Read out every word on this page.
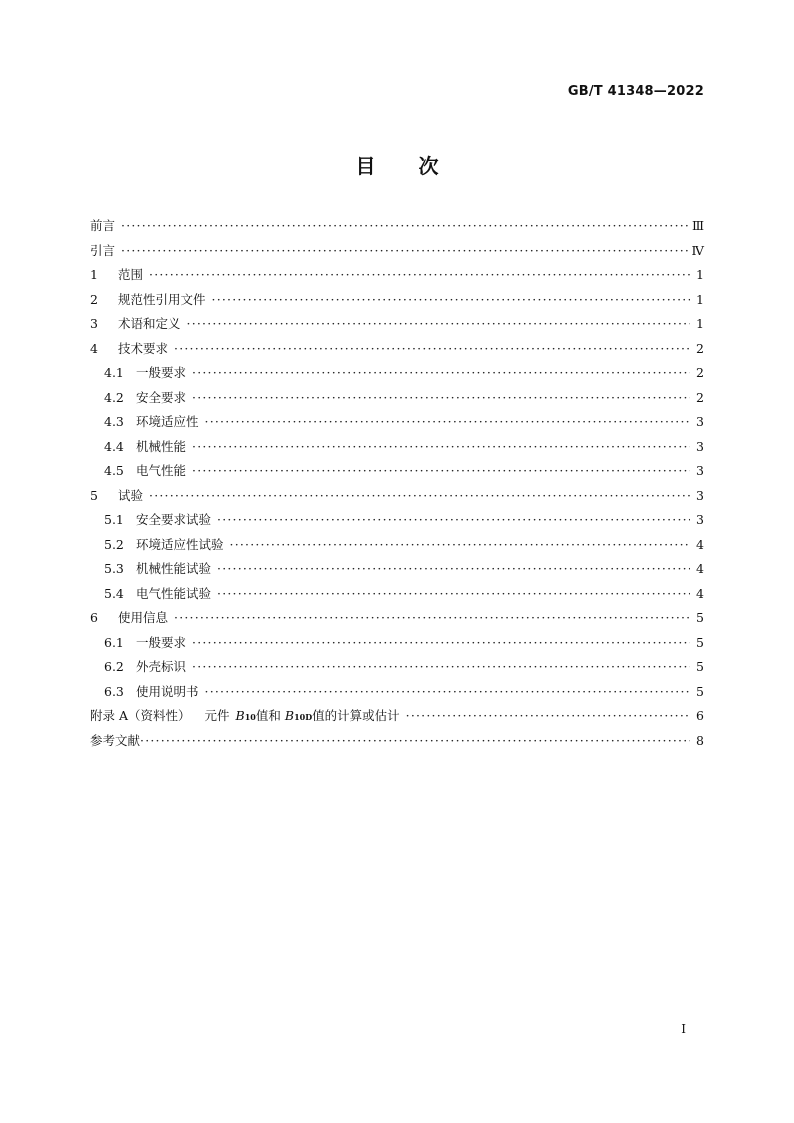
GB/T 41348—2022
目 次
前言 ·····	Ⅲ
引言 ·····	Ⅳ
1	范围 ·····	1
2	规范性引用文件 ·····	1
3	术语和定义 ·····	1
4	技术要求 ·····	2
4.1 一般要求 ·····	2
4.2 安全要求 ·····	2
4.3 环境适应性 ·····	3
4.4 机械性能 ·····	3
4.5 电气性能 ·····	3
5	试验 ·····	3
5.1 安全要求试验 ·····	3
5.2 环境适应性试验 ·····	4
5.3 机械性能试验 ·····	4
5.4 电气性能试验 ·····	4
6	使用信息 ·····	5
6.1 一般要求 ·····	5
6.2 外壳标识 ·····	5
6.3 使用说明书 ·····	5
附录 A（资料性） 元件 B 10 值和 B 10D 值的计算或估计 ·····	6
参考文献 ·····	8
I
